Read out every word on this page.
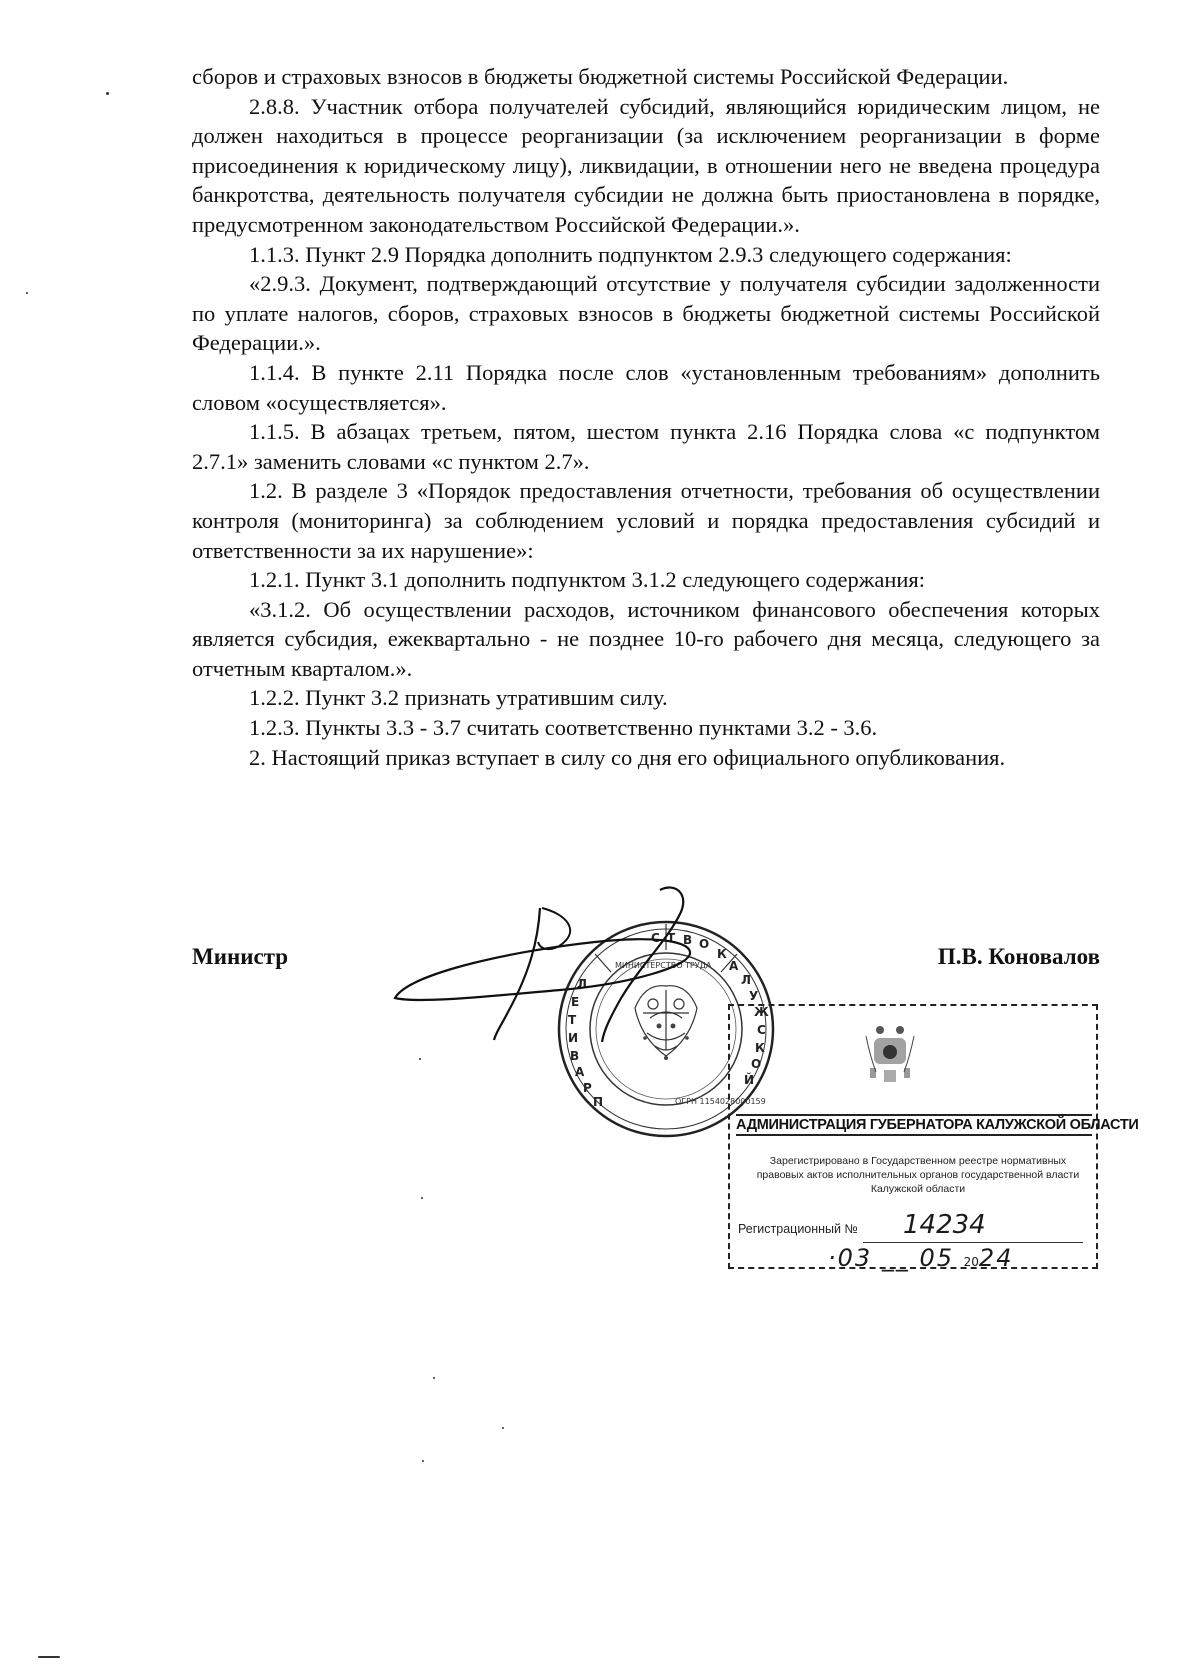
сборов и страховых взносов в бюджеты бюджетной системы Российской Федерации.

2.8.8. Участник отбора получателей субсидий, являющийся юридическим лицом, не должен находиться в процессе реорганизации (за исключением реорганизации в форме присоединения к юридическому лицу), ликвидации, в отношении него не введена процедура банкротства, деятельность получателя субсидии не должна быть приостановлена в порядке, предусмотренном законодательством Российской Федерации.».

1.1.3. Пункт 2.9 Порядка дополнить подпунктом 2.9.3 следующего содержания:

«2.9.3. Документ, подтверждающий отсутствие у получателя субсидии задолженности по уплате налогов, сборов, страховых взносов в бюджеты бюджетной системы Российской Федерации.».

1.1.4. В пункте 2.11 Порядка после слов «установленным требованиям» дополнить словом «осуществляется».

1.1.5. В абзацах третьем, пятом, шестом пункта 2.16 Порядка слова «с подпунктом 2.7.1» заменить словами «с пунктом 2.7».

1.2. В разделе 3 «Порядок предоставления отчетности, требования об осуществлении контроля (мониторинга) за соблюдением условий и порядка предоставления субсидий и ответственности за их нарушение»:

1.2.1. Пункт 3.1 дополнить подпунктом 3.1.2 следующего содержания:

«3.1.2. Об осуществлении расходов, источником финансового обеспечения которых является субсидия, ежеквартально - не позднее 10-го рабочего дня месяца, следующего за отчетным кварталом.».

1.2.2. Пункт 3.2 признать утратившим силу.

1.2.3. Пункты 3.3 - 3.7 считать соответственно пунктами 3.2 - 3.6.

2. Настоящий приказ вступает в силу со дня его официального опубликования.

С Т В О
К
А
Л
У
Ж
С
К
О
Й
Л
Е
Т
И
В
А
Р
П
МИНИСТЕРСТВО ТРУДА
ОГРН 1154028000159
Министр	П.В. Коновалов
АДМИНИСТРАЦИЯ ГУБЕРНАТОРА КАЛУЖСКОЙ ОБЛАСТИ
Зарегистрировано в Государственном реестре нормативных правовых актов исполнительных органов государственной власти Калужской области
Регистрационный № 14234
·03 __ 05 2024
